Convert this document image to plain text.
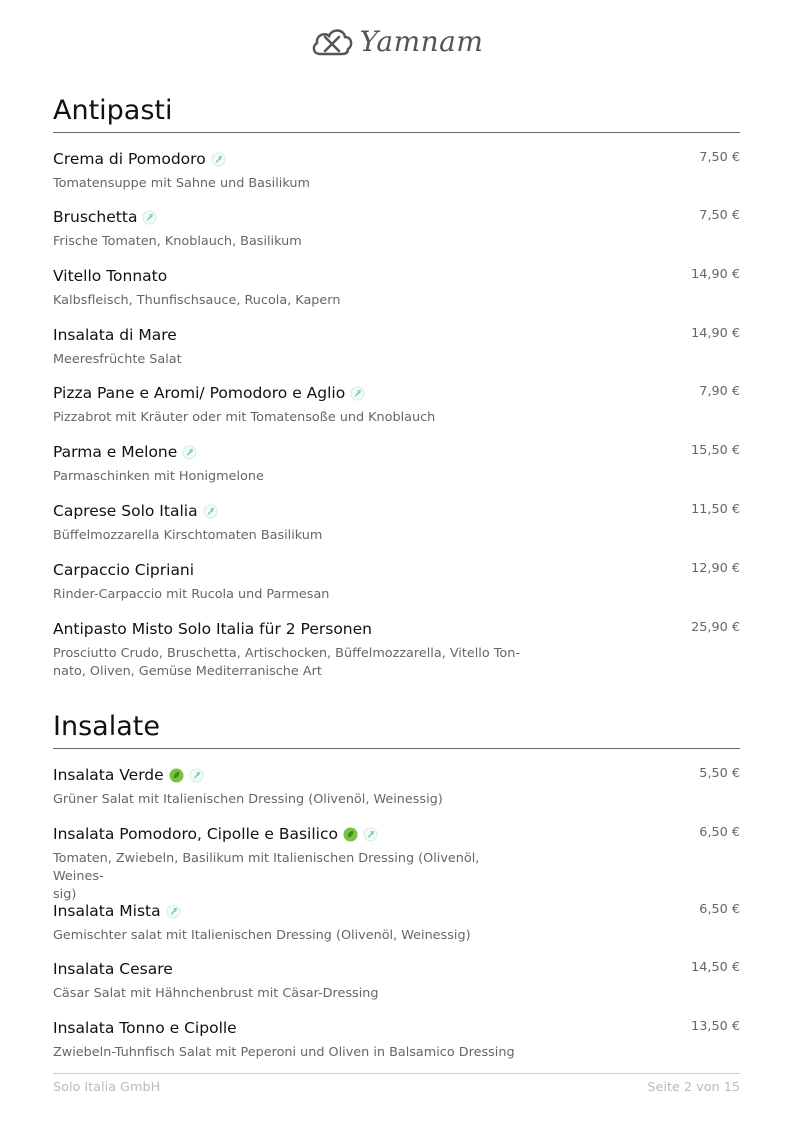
Yamnam
Antipasti
Crema di Pomodoro	7,50 €
Tomatensuppe mit Sahne und Basilikum
Bruschetta	7,50 €
Frische Tomaten, Knoblauch, Basilikum
Vitello Tonnato	14,90 €
Kalbsfleisch, Thunfischsauce, Rucola, Kapern
Insalata di Mare	14,90 €
Meeresfrüchte Salat
Pizza Pane e Aromi/ Pomodoro e Aglio	7,90 €
Pizzabrot mit Kräuter oder mit Tomatensoße und Knoblauch
Parma e Melone	15,50 €
Parmaschinken mit Honigmelone
Caprese Solo Italia	11,50 €
Büffelmozzarella Kirschtomaten Basilikum
Carpaccio Cipriani	12,90 €
Rinder-Carpaccio mit Rucola und Parmesan
Antipasto Misto Solo Italia für 2 Personen	25,90 €
Prosciutto Crudo, Bruschetta, Artischocken, Büffelmozzarella, Vitello Ton-
nato, Oliven, Gemüse Mediterranische Art
Insalate
Insalata Verde	5,50 €
Grüner Salat mit Italienischen Dressing (Olivenöl, Weinessig)
Insalata Pomodoro, Cipolle e Basilico	6,50 €
Tomaten, Zwiebeln, Basilikum mit Italienischen Dressing (Olivenöl, Weines-
sig)
Insalata Mista	6,50 €
Gemischter salat mit Italienischen Dressing (Olivenöl, Weinessig)
Insalata Cesare	14,50 €
Cäsar Salat mit Hähnchenbrust mit Cäsar-Dressing
Insalata Tonno e Cipolle	13,50 €
Zwiebeln-Tuhnfisch Salat mit Peperoni und Oliven in Balsamico Dressing
Solo Italia GmbH	Seite 2 von 15
